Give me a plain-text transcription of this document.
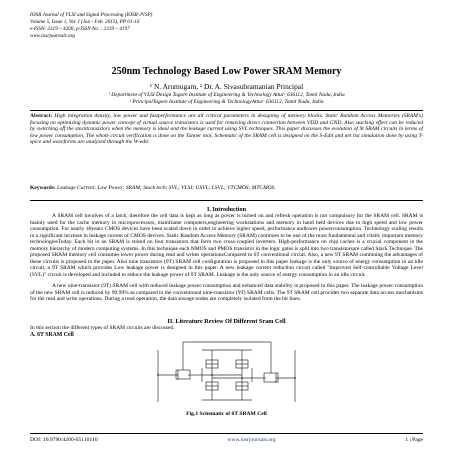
IOSR Journal of VLSI and Signal Processing (IOSR-JVSP)
Volume 5, Issue 1, Ver. I (Jan - Feb. 2015), PP 01-10
e-ISSN: 2319 – 4200, p-ISSN No. : 2319 – 4197
www.iosrjournals.org
250nm Technology Based Low Power SRAM Memory
¹ N. Arumugam, ² Dr. A. Sivasubramanian Principal
¹ Department of VLSI Design Tagore Institute of Engineering & Technology Attur- 636112, Tamil Nadu, India
² PrincipalTagore Institute of Engineering & TechnologyAttur- 636112, Tamil Nadu, India
Abstract: High integration density, low power and fastperformance are all critical parameters in designing of memory blocks. Static Random Access Memories (SRAM's) focusing on optimizing dynamic power concept of virtual source transistors is used for removing direct connection between VDD and GND. Also stacking effect can be reduced by switching off the stacktransistors when the memory is ideal and the leakage current using SVL techniques. This paper discusses the evolution of 9t SRAM circuits in terms of low power consumption, The whole circuit verification is done on the Tanner tool, Schematic of the SRAM cell is designed on the S-Edit and net list simulation done by using T-spice and waveforms are analyzed through the W-edit.
Keywords: Leakage Current; Low Power; SRAM; Stack tech; SVL; VLSI; USVL; LSVL; VTCMOS; MTCMOS.
I. Introduction
A SRAM cell involves of a latch, therefore the cell data is kept as long as power is turned on and refresh operation is not compulsory for the SRAM cell. SRAM is mainly used for the cache memory in microprocessors, mainframe computers,engineering workstations and memory in hand held devices due to high speed and low power consumption. For nearly 40years CMOS devices have been scaled down in order to achieve higher speed, performance andlower powerconsumption. Technology scaling results in a significant increase in leakage current of CMOS devices. Static Random Access Memory (SRAM) continues to be one of the most fundamental and vitally important memory technologiesToday. Each bit in an SRAM is stored on four transistors that form two cross-coupled inverters. High-performance on chip caches is a crucial component in the memory hierarchy of modern computing systems. In this technique each NMOS and PMOS transistor in the logic gates is split into two transistorsare called Stack Technique. The proposed SRAM memory cell consumes lower power during read and writes operationsCompared to 6T conventional circuit. Also, a new 9T SRAM combining the advantages of these circuits is proposed in the paper. Also nine transistors (9T) SRAM cell configuration is proposed in this paper leakage is the only source of energy consumption in an idle circuit, a 9T SRAM which provides Low leakage power is designed in this paper. A new leakage current reduction circuit called "improved Self-controllable Voltage Level (SVL)" circuit is developed and included to reduce the leakage power of 9T SRAM. Leakage is the only source of energy consumption in an idle circuit.
A new nine-transistor (9T) SRAM cell with reduced leakage power consumption and enhanced data stability is proposed in this paper. The leakage power consumption of the new SRAM cell is reduced by 99.99% as compared to the conventional nine-transistor (9T) SRAM cells. The 9T SRAM cell provides two separate data access mechanisms for the read and write operations. During a read operation, the data storage nodes are completely isolated from the bit lines.
II. Literature Review Of Different Sram Cell
In this section the different types of SRAM circuits are discussed.
A. 6T SRAM Cell
Fig.1 Schematic of 6T SRAM Cell
DOI: 10.9790/4200-05110110	www.iosrjournals.org	1 | Page
